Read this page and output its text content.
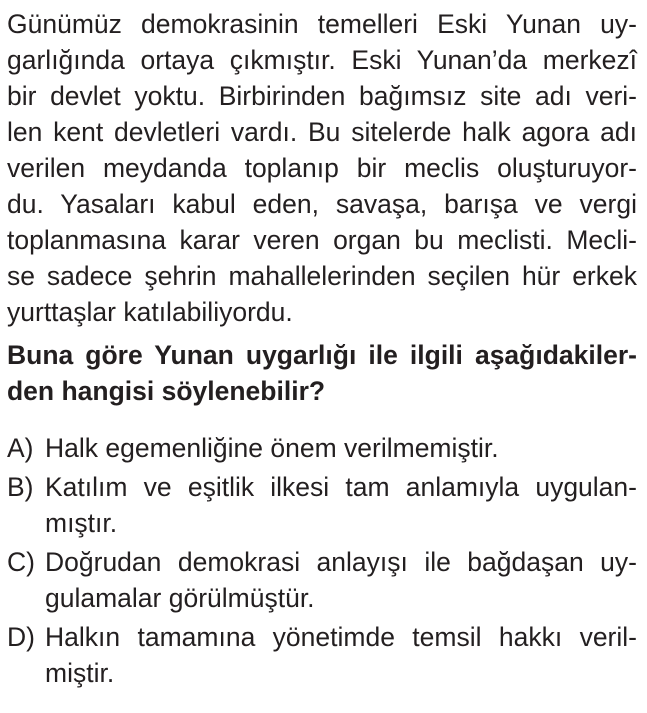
Günümüz demokrasinin temelleri Eski Yunan uy-
garlığında ortaya çıkmıştır. Eski Yunan’da merkezî
bir devlet yoktu. Birbirinden bağımsız site adı veri-
len kent devletleri vardı. Bu sitelerde halk agora adı
verilen meydanda toplanıp bir meclis oluşturuyor-
du. Yasaları kabul eden, savaşa, barışa ve vergi
toplanmasına karar veren organ bu meclisti. Mecli-
se sadece şehrin mahallelerinden seçilen hür erkek
yurttaşlar katılabiliyordu.
Buna göre Yunan uygarlığı ile ilgili aşağıdakiler-
den hangisi söylenebilir?
A) Halk egemenliğine önem verilmemiştir.
B) Katılım ve eşitlik ilkesi tam anlamıyla uygulan-
mıştır.
C) Doğrudan demokrasi anlayışı ile bağdaşan uy-
gulamalar görülmüştür.
D) Halkın tamamına yönetimde temsil hakkı veril-
miştir.
